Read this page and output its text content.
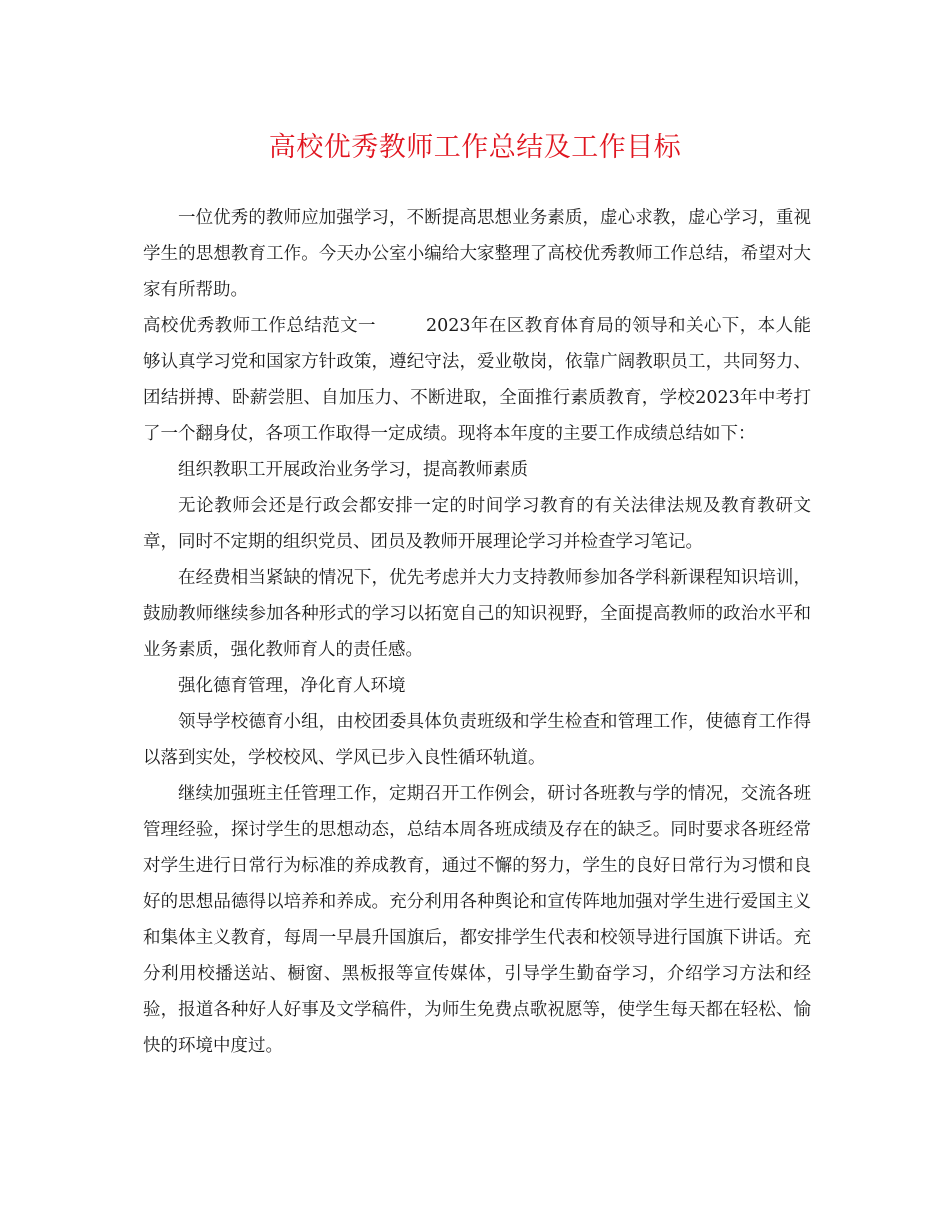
高校优秀教师工作总结及工作目标

一位优秀的教师应加强学习，不断提高思想业务素质，虚心求教，虚心学习，重视学生的思想教育工作。今天办公室小编给大家整理了高校优秀教师工作总结，希望对大家有所帮助。

高校优秀教师工作总结范文一	2023年在区教育体育局的领导和关心下，本人能够认真学习党和国家方针政策，遵纪守法，爱业敬岗，依靠广阔教职员工，共同努力、团结拼搏、卧薪尝胆、自加压力、不断进取，全面推行素质教育，学校2023年中考打了一个翻身仗，各项工作取得一定成绩。现将本年度的主要工作成绩总结如下：

组织教职工开展政治业务学习，提高教师素质

无论教师会还是行政会都安排一定的时间学习教育的有关法律法规及教育教研文章，同时不定期的组织党员、团员及教师开展理论学习并检查学习笔记。

在经费相当紧缺的情况下，优先考虑并大力支持教师参加各学科新课程知识培训，鼓励教师继续参加各种形式的学习以拓宽自己的知识视野，全面提高教师的政治水平和业务素质，强化教师育人的责任感。

强化德育管理，净化育人环境

领导学校德育小组，由校团委具体负责班级和学生检查和管理工作，使德育工作得以落到实处，学校校风、学风已步入良性循环轨道。

继续加强班主任管理工作，定期召开工作例会，研讨各班教与学的情况，交流各班管理经验，探讨学生的思想动态，总结本周各班成绩及存在的缺乏。同时要求各班经常对学生进行日常行为标准的养成教育，通过不懈的努力，学生的良好日常行为习惯和良好的思想品德得以培养和养成。充分利用各种舆论和宣传阵地加强对学生进行爱国主义和集体主义教育，每周一早晨升国旗后，都安排学生代表和校领导进行国旗下讲话。充分利用校播送站、橱窗、黑板报等宣传媒体，引导学生勤奋学习，介绍学习方法和经验，报道各种好人好事及文学稿件，为师生免费点歌祝愿等，使学生每天都在轻松、愉快的环境中度过。
